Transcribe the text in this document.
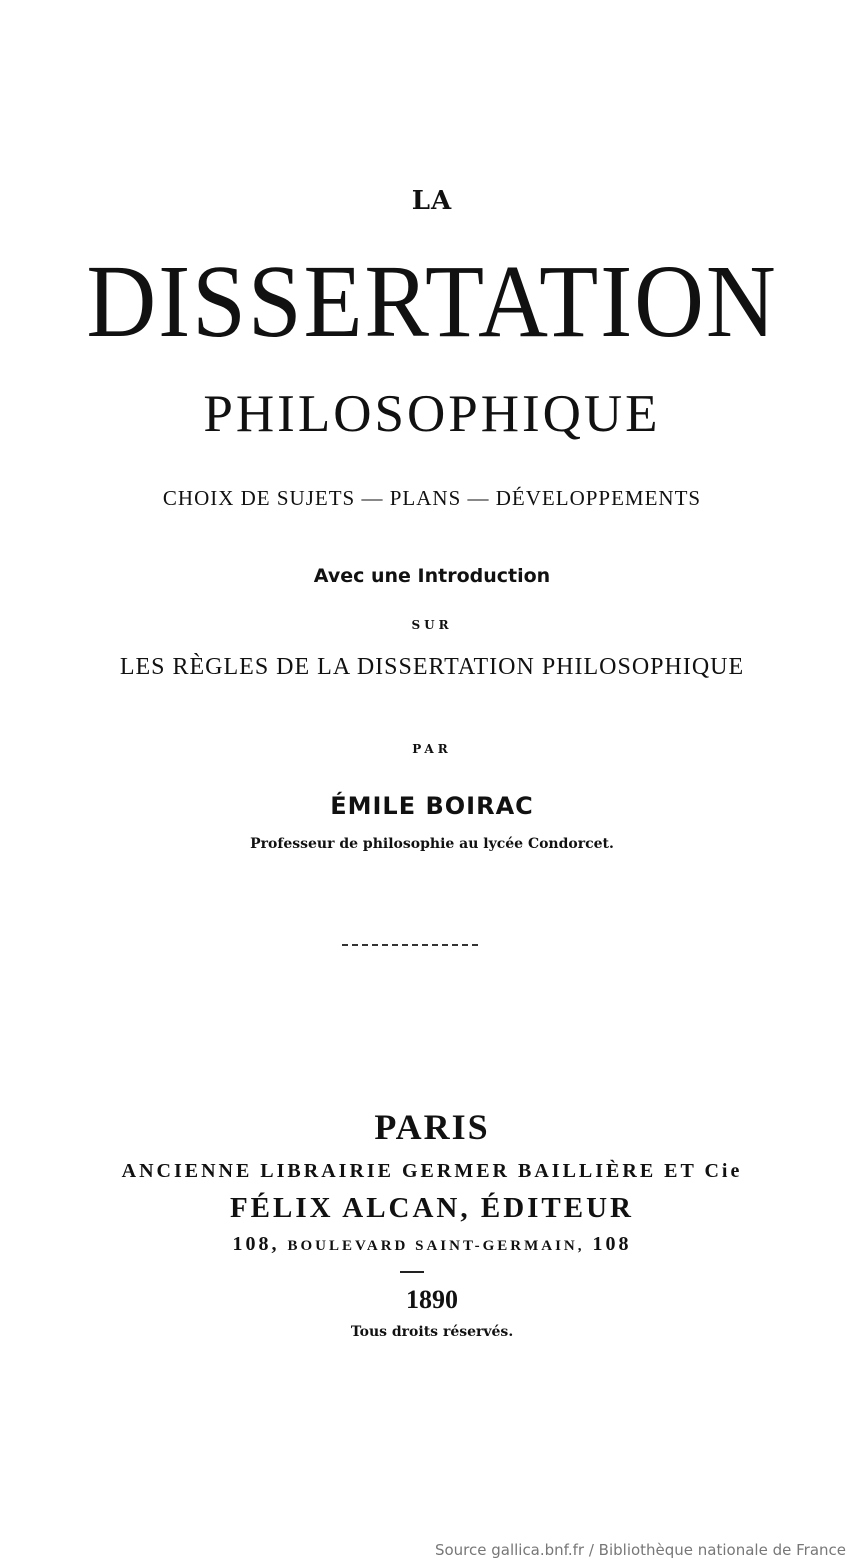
LA
DISSERTATION
PHILOSOPHIQUE
CHOIX DE SUJETS — PLANS — DÉVELOPPEMENTS
Avec une Introduction
SUR
LES RÈGLES DE LA DISSERTATION PHILOSOPHIQUE
PAR
ÉMILE BOIRAC
Professeur de philosophie au lycée Condorcet.
PARIS
ANCIENNE LIBRAIRIE GERMER BAILLIÈRE ET Cie
FÉLIX ALCAN, ÉDITEUR
108, BOULEVARD SAINT-GERMAIN, 108
1890
Tous droits réservés.
Source gallica.bnf.fr / Bibliothèque nationale de France
